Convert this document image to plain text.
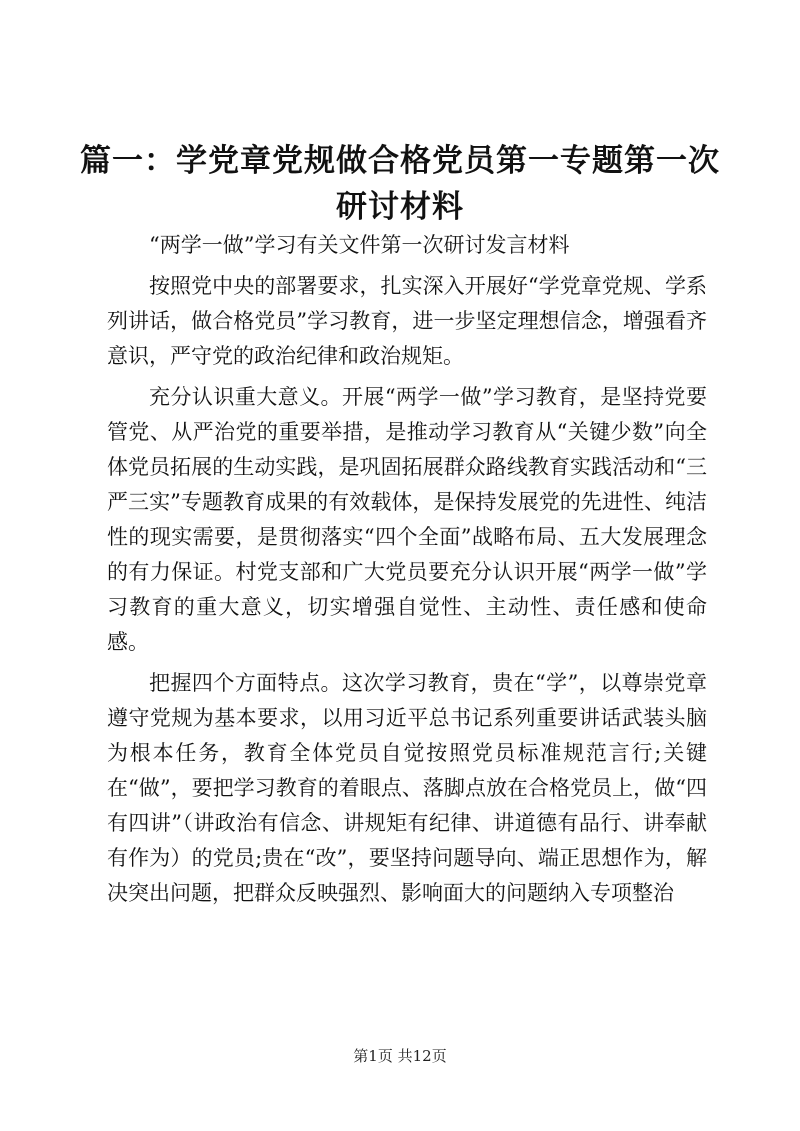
篇一：学党章党规做合格党员第一专题第一次
研讨材料

“两学一做”学习有关文件第一次研讨发言材料

按照党中央的部署要求，扎实深入开展好“学党章党规、学系列讲话，做合格党员”学习教育，进一步坚定理想信念，增强看齐意识，严守党的政治纪律和政治规矩。

充分认识重大意义。开展“两学一做”学习教育，是坚持党要管党、从严治党的重要举措，是推动学习教育从“关键少数”向全体党员拓展的生动实践，是巩固拓展群众路线教育实践活动和“三严三实”专题教育成果的有效载体，是保持发展党的先进性、纯洁性的现实需要，是贯彻落实“四个全面”战略布局、五大发展理念的有力保证。村党支部和广大党员要充分认识开展“两学一做”学习教育的重大意义，切实增强自觉性、主动性、责任感和使命感。

把握四个方面特点。这次学习教育，贵在“学”，以尊崇党章遵守党规为基本要求，以用习近平总书记系列重要讲话武装头脑为根本任务，教育全体党员自觉按照党员标准规范言行;关键在“做”，要把学习教育的着眼点、落脚点放在合格党员上，做“四有四讲”（讲政治有信念、讲规矩有纪律、讲道德有品行、讲奉献有作为）的党员;贵在“改”，要坚持问题导向、端正思想作为，解决突出问题，把群众反映强烈、影响面大的问题纳入专项整治

第1页 共12页
